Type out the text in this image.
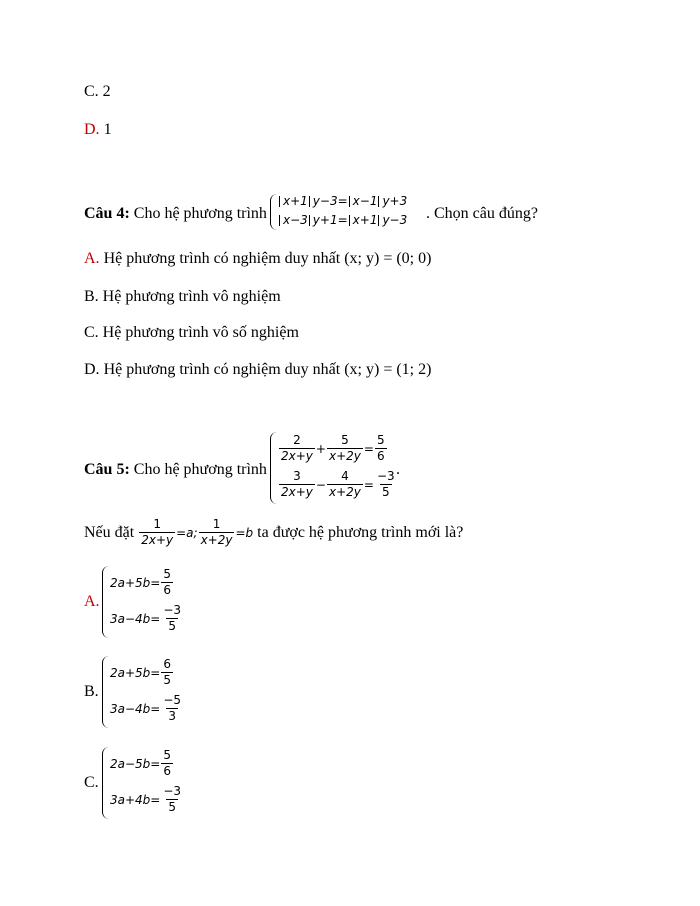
C. 2
D. 1
Câu 4: Cho hệ phương trình
x+1 y−3 = x−1 y+3
x−3 y+1 = x+1 y−3 . Chọn câu đúng?
A. Hệ phương trình có nghiệm duy nhất (x; y) = (0; 0)
B. Hệ phương trình vô nghiệm
C. Hệ phương trình vô số nghiệm
D. Hệ phương trình có nghiệm duy nhất (x; y) = (1; 2)
Câu 5: Cho hệ phương trình
$\frac{2}{2x+y} + \frac{5}{x+2y} = \frac{5}{6}$
$\frac{3}{2x+y} - \frac{4}{x+2y} = \frac{-3}{5}$
.
Nếu đặt
$\frac{1}{2x+y} =a$; $\frac{1}{x+2y} =b$
ta được hệ phương trình mới là?
A.
$2a+5b= \frac{5}{6}$
$3a-4b= \frac{-3}{5}$
B.
$2a+5b= \frac{6}{5}$
$3a-4b= \frac{-5}{3}$
C.
$2a-5b= \frac{5}{6}$
$3a+4b= \frac{-3}{5}$
